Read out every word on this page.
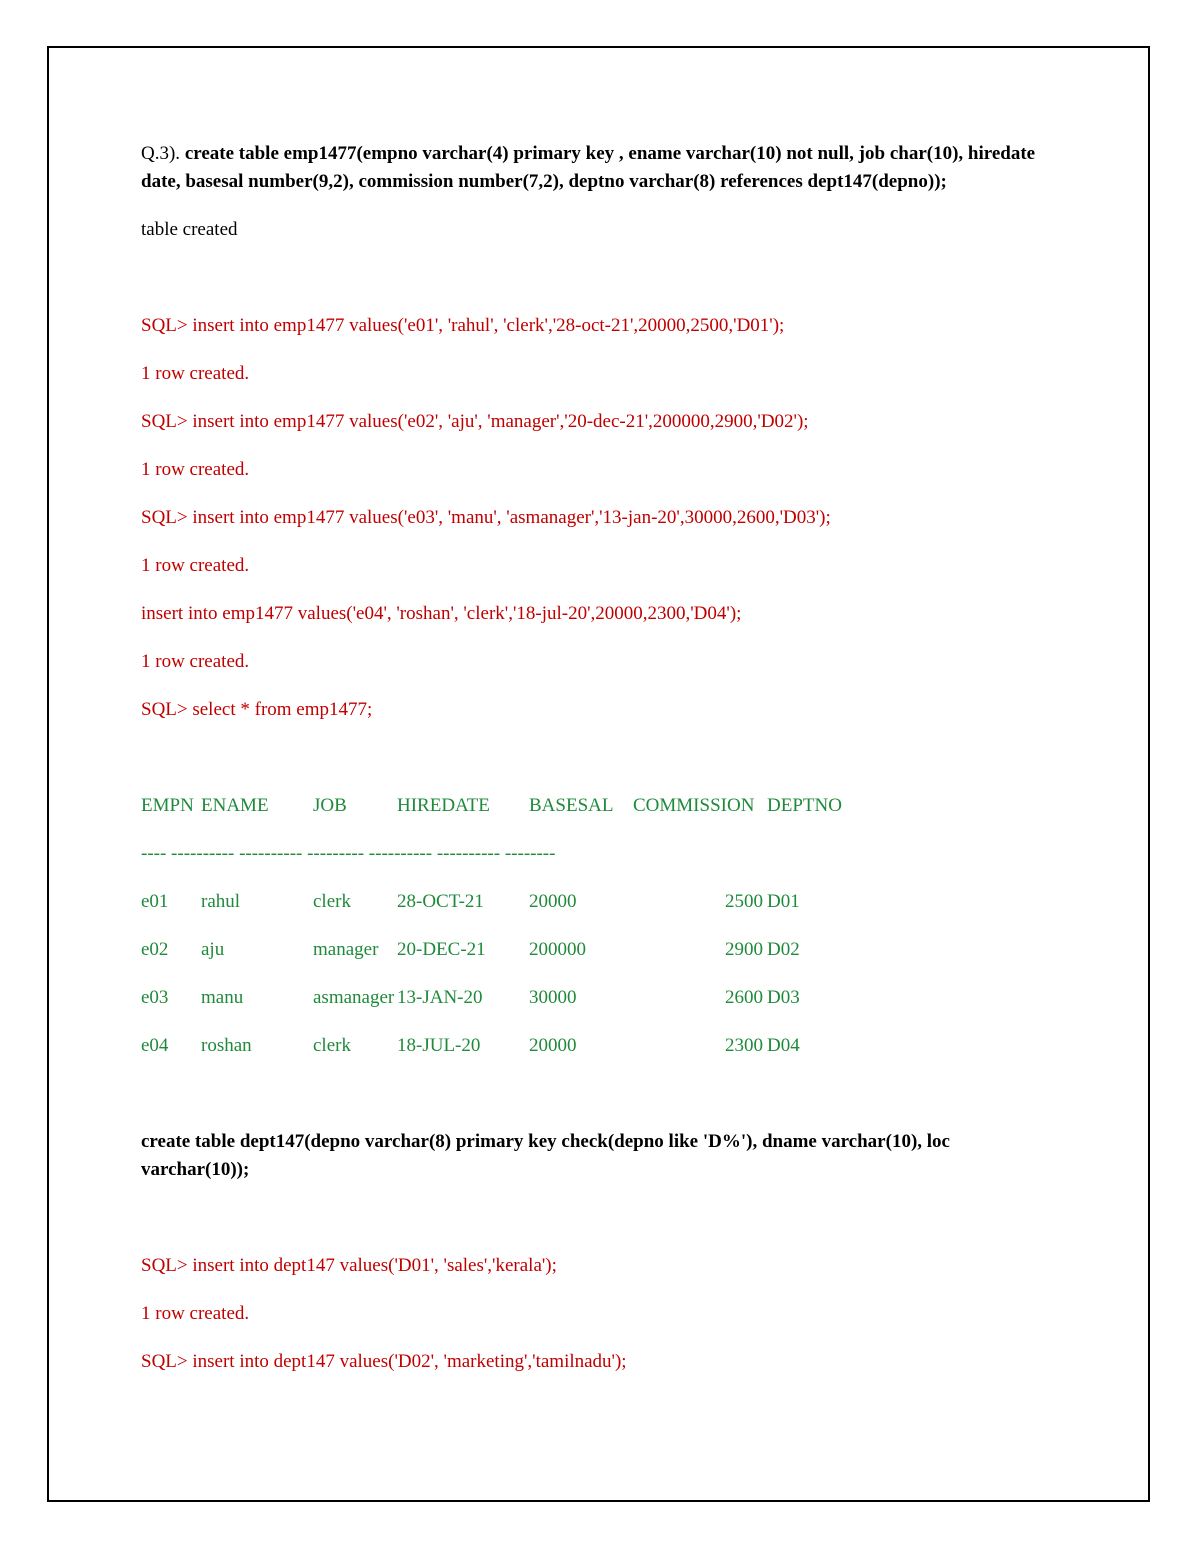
Q.3). create table emp1477(empno varchar(4) primary key , ename varchar(10) not null, job char(10), hiredate date, basesal number(9,2), commission number(7,2), deptno varchar(8) references dept147(depno));

table created

SQL> insert into emp1477 values('e01', 'rahul', 'clerk','28-oct-21',20000,2500,'D01');

1 row created.

SQL> insert into emp1477 values('e02', 'aju', 'manager','20-dec-21',200000,2900,'D02');

1 row created.

SQL> insert into emp1477 values('e03', 'manu', 'asmanager','13-jan-20',30000,2600,'D03');

1 row created.

insert into emp1477 values('e04', 'roshan', 'clerk','18-jul-20',20000,2300,'D04');

1 row created.

SQL> select * from emp1477;

EMPN	ENAME	JOB	HIREDATE	BASESAL	COMMISSION	DEPTNO
---- ---------- ---------- --------- ---------- ---------- --------						
e01	rahul	clerk	28-OCT-21	20000	2500	D01
e02	aju	manager	20-DEC-21	200000	2900	D02
e03	manu	asmanager	13-JAN-20	30000	2600	D03
e04	roshan	clerk	18-JUL-20	20000	2300	D04

create table dept147(depno varchar(8) primary key check(depno like 'D%'), dname varchar(10), loc varchar(10));

SQL> insert into dept147 values('D01', 'sales','kerala');

1 row created.

SQL> insert into dept147 values('D02', 'marketing','tamilnadu');
